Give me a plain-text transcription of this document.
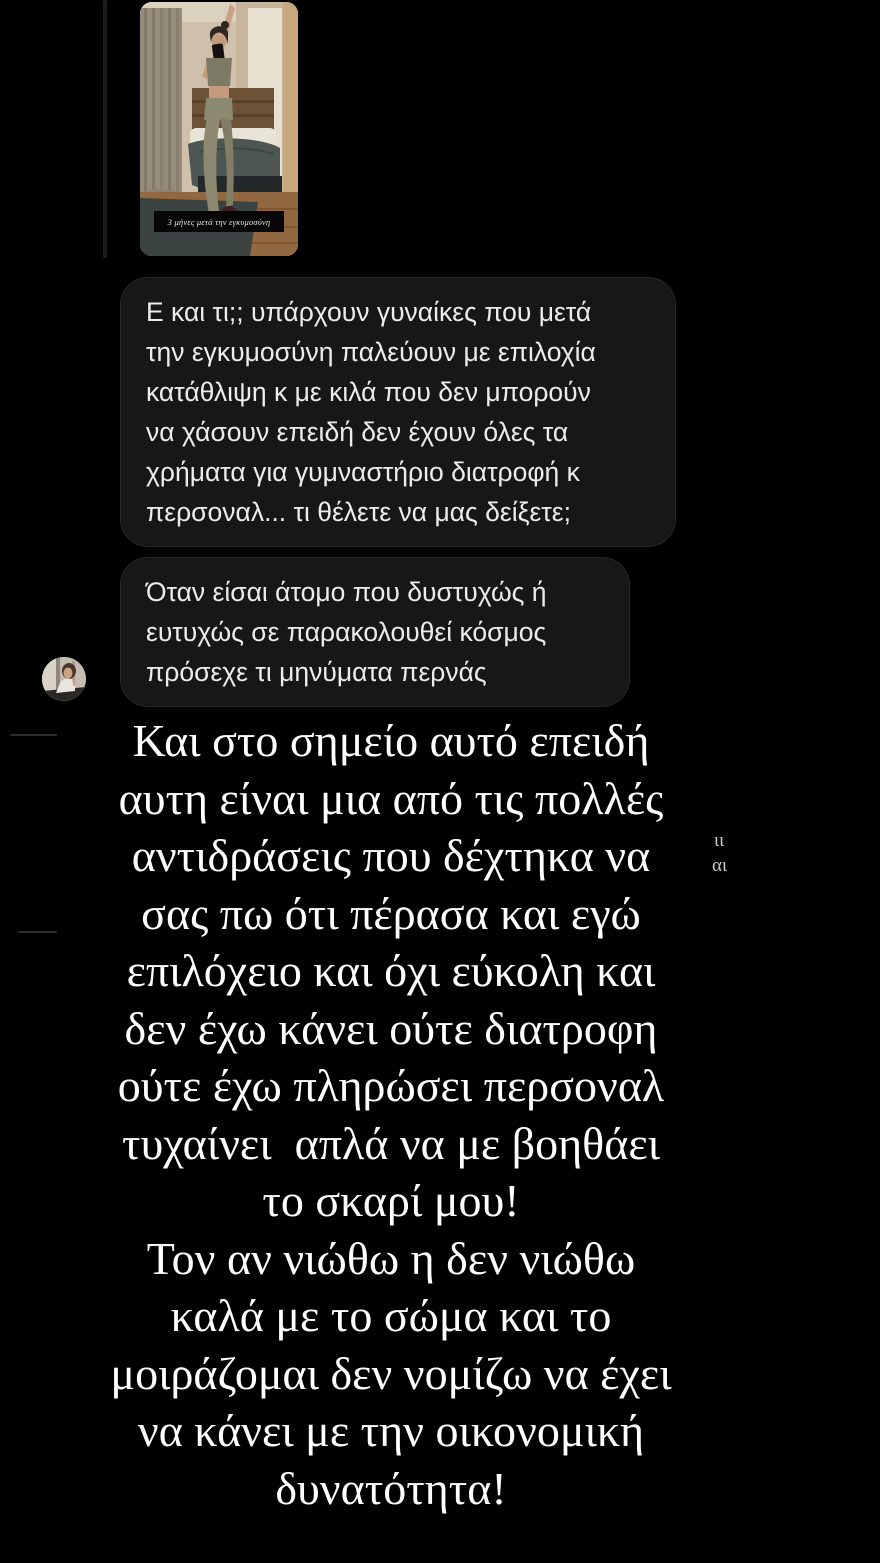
3 μήνες μετά την εγκυμοσύνη
Ε και τι;; υπάρχουν γυναίκες που μετά
την εγκυμοσύνη παλεύουν με επιλοχία
κατάθλιψη κ με κιλά που δεν μπορούν
να χάσουν επειδή δεν έχουν όλες τα
χρήματα για γυμναστήριο διατροφή κ
περσοναλ... τι θέλετε να μας δείξετε;
Όταν είσαι άτομο που δυστυχώς ή
ευτυχώς σε παρακολουθεί κόσμος
πρόσεχε τι μηνύματα περνάς
Και στο σημείο αυτό επειδή
αυτη είναι μια από τις πολλές
αντιδράσεις που δέχτηκα να
σας πω ότι πέρασα και εγώ
επιλόχειο και όχι εύκολη και
δεν έχω κάνει ούτε διατροφη
ούτε έχω πληρώσει περσοναλ
τυχαίνει  απλά να με βοηθάει
το σκαρί μου!
Τον αν νιώθω η δεν νιώθω
καλά με το σώμα και το
μοιράζομαι δεν νομίζω να έχει
να κάνει με την οικονομική
δυνατότητα!
ιι
αι
